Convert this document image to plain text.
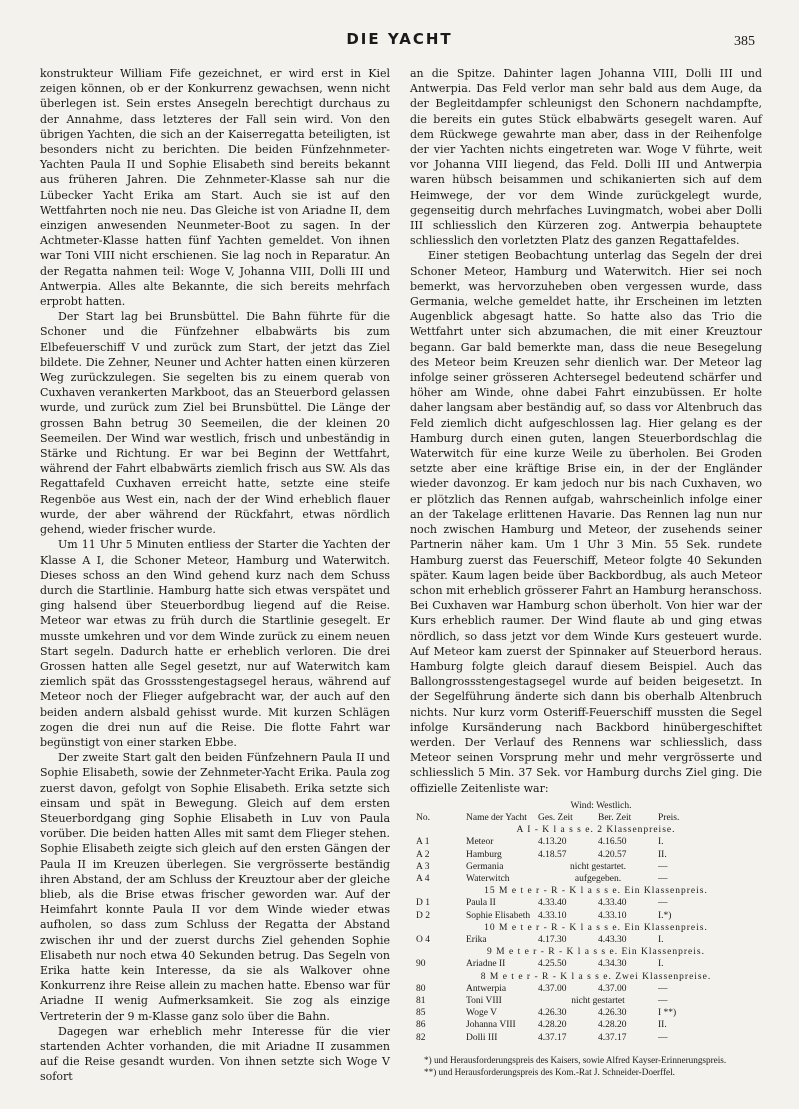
DIE YACHT	385

konstrukteur William Fife gezeichnet, er wird erst in Kiel zeigen können, ob er der Konkurrenz gewachsen, wenn nicht überlegen ist. Sein erstes Ansegeln berechtigt durchaus zu der Annahme, dass letzteres der Fall sein wird. Von den übrigen Yachten, die sich an der Kaiserregatta beteiligten, ist besonders nicht zu berichten. Die beiden Fünfzehnmeter-Yachten Paula II und Sophie Elisabeth sind bereits bekannt aus früheren Jahren. Die Zehnmeter-Klasse sah nur die Lübecker Yacht Erika am Start. Auch sie ist auf den Wettfahrten noch nie neu. Das Gleiche ist von Ariadne II, dem einzigen anwesenden Neunmeter-Boot zu sagen. In der Achtmeter-Klasse hatten fünf Yachten gemeldet. Von ihnen war Toni VIII nicht erschienen. Sie lag noch in Reparatur. An der Regatta nahmen teil: Woge V, Johanna VIII, Dolli III und Antwerpia. Alles alte Bekannte, die sich bereits mehrfach erprobt hatten.

Der Start lag bei Brunsbüttel. Die Bahn führte für die Schoner und die Fünfzehner elbabwärts bis zum Elbefeuerschiff V und zurück zum Start, der jetzt das Ziel bildete. Die Zehner, Neuner und Achter hatten einen kürzeren Weg zurückzulegen. Sie segelten bis zu einem querab von Cuxhaven verankerten Markboot, das an Steuerbord gelassen wurde, und zurück zum Ziel bei Brunsbüttel. Die Länge der grossen Bahn betrug 30 Seemeilen, die der kleinen 20 Seemeilen. Der Wind war westlich, frisch und unbeständig in Stärke und Richtung. Er war bei Beginn der Wettfahrt, während der Fahrt elbabwärts ziemlich frisch aus SW. Als das Regattafeld Cuxhaven erreicht hatte, setzte eine steife Regenböe aus West ein, nach der der Wind erheblich flauer wurde, der aber während der Rückfahrt, etwas nördlich gehend, wieder frischer wurde.

Um 11 Uhr 5 Minuten entliess der Starter die Yachten der Klasse A I, die Schoner Meteor, Hamburg und Waterwitch. Dieses schoss an den Wind gehend kurz nach dem Schuss durch die Startlinie. Hamburg hatte sich etwas verspätet und ging halsend über Steuerbordbug liegend auf die Reise. Meteor war etwas zu früh durch die Startlinie gesegelt. Er musste umkehren und vor dem Winde zurück zu einem neuen Start segeln. Dadurch hatte er erheblich verloren. Die drei Grossen hatten alle Segel gesetzt, nur auf Waterwitch kam ziemlich spät das Grossstengestagsegel heraus, während auf Meteor noch der Flieger aufgebracht war, der auch auf den beiden andern alsbald gehisst wurde. Mit kurzen Schlägen zogen die drei nun auf die Reise. Die flotte Fahrt war begünstigt von einer starken Ebbe.

Der zweite Start galt den beiden Fünfzehnern Paula II und Sophie Elisabeth, sowie der Zehnmeter-Yacht Erika. Paula zog zuerst davon, gefolgt von Sophie Elisabeth. Erika setzte sich einsam und spät in Bewegung. Gleich auf dem ersten Steuerbordgang ging Sophie Elisabeth in Luv von Paula vorüber. Die beiden hatten Alles mit samt dem Flieger stehen. Sophie Elisabeth zeigte sich gleich auf den ersten Gängen der Paula II im Kreuzen überlegen. Sie vergrösserte beständig ihren Abstand, der am Schluss der Kreuztour aber der gleiche blieb, als die Brise etwas frischer geworden war. Auf der Heimfahrt konnte Paula II vor dem Winde wieder etwas aufholen, so dass zum Schluss der Regatta der Abstand zwischen ihr und der zuerst durchs Ziel gehenden Sophie Elisabeth nur noch etwa 40 Sekunden betrug. Das Segeln von Erika hatte kein Interesse, da sie als Walkover ohne Konkurrenz ihre Reise allein zu machen hatte. Ebenso war für Ariadne II wenig Aufmerksamkeit. Sie zog als einzige Vertreterin der 9 m-Klasse ganz solo über die Bahn.

Dagegen war erheblich mehr Interesse für die vier startenden Achter vorhanden, die mit Ariadne II zusammen auf die Reise gesandt wurden. Von ihnen setzte sich Woge V sofort

an die Spitze. Dahinter lagen Johanna VIII, Dolli III und Antwerpia. Das Feld verlor man sehr bald aus dem Auge, da der Begleitdampfer schleunigst den Schonern nachdampfte, die bereits ein gutes Stück elbabwärts gesegelt waren. Auf dem Rückwege gewahrte man aber, dass in der Reihenfolge der vier Yachten nichts eingetreten war. Woge V führte, weit vor Johanna VIII liegend, das Feld. Dolli III und Antwerpia waren hübsch beisammen und schikanierten sich auf dem Heimwege, der vor dem Winde zurückgelegt wurde, gegenseitig durch mehrfaches Luvingmatch, wobei aber Dolli III schliesslich den Kürzeren zog. Antwerpia behauptete schliesslich den vorletzten Platz des ganzen Regattafeldes.

Einer stetigen Beobachtung unterlag das Segeln der drei Schoner Meteor, Hamburg und Waterwitch. Hier sei noch bemerkt, was hervorzuheben oben vergessen wurde, dass Germania, welche gemeldet hatte, ihr Erscheinen im letzten Augenblick abgesagt hatte. So hatte also das Trio die Wettfahrt unter sich abzumachen, die mit einer Kreuztour begann. Gar bald bemerkte man, dass die neue Besegelung des Meteor beim Kreuzen sehr dienlich war. Der Meteor lag infolge seiner grösseren Achtersegel bedeutend schärfer und höher am Winde, ohne dabei Fahrt einzubüssen. Er holte daher langsam aber beständig auf, so dass vor Altenbruch das Feld ziemlich dicht aufgeschlossen lag. Hier gelang es der Hamburg durch einen guten, langen Steuerbordschlag die Waterwitch für eine kurze Weile zu überholen. Bei Groden setzte aber eine kräftige Brise ein, in der der Engländer wieder davonzog. Er kam jedoch nur bis nach Cuxhaven, wo er plötzlich das Rennen aufgab, wahrscheinlich infolge einer an der Takelage erlittenen Havarie. Das Rennen lag nun nur noch zwischen Hamburg und Meteor, der zusehends seiner Partnerin näher kam. Um 1 Uhr 3 Min. 55 Sek. rundete Hamburg zuerst das Feuerschiff, Meteor folgte 40 Sekunden später. Kaum lagen beide über Backbordbug, als auch Meteor schon mit erheblich grösserer Fahrt an Hamburg heranschoss. Bei Cuxhaven war Hamburg schon überholt. Von hier war der Kurs erheblich raumer. Der Wind flaute ab und ging etwas nördlich, so dass jetzt vor dem Winde Kurs gesteuert wurde. Auf Meteor kam zuerst der Spinnaker auf Steuerbord heraus. Hamburg folgte gleich darauf diesem Beispiel. Auch das Ballongrossstengestagsegel wurde auf beiden beigesetzt. In der Segelführung änderte sich dann bis oberhalb Altenbruch nichts. Nur kurz vorm Osteriff-Feuerschiff mussten die Segel infolge Kursänderung nach Backbord hinübergeschiftet werden. Der Verlauf des Rennens war schliesslich, dass Meteor seinen Vorsprung mehr und mehr vergrösserte und schliesslich 5 Min. 37 Sek. vor Hamburg durchs Ziel ging. Die offizielle Zeitenliste war:

Wind: Westlich.
No.	Name der Yacht	Ges. Zeit	Ber. Zeit	Preis.
A I - K l a s s e. 2 Klassenpreise.
A 1	Meteor	4.13.20	4.16.50	I.
A 2	Hamburg	4.18.57	4.20.57	II.
A 3	Germania	nicht gestartet.	—
A 4	Waterwitch	aufgegeben.	—
15 M e t e r - R - K l a s s e. Ein Klassenpreis.
D 1	Paula II	4.33.40	4.33.40	—
D 2	Sophie Elisabeth 4.33.10	4.33.10	I.*)
10 M e t e r - R - K l a s s e. Ein Klassenpreis.
O 4	Erika	4.17.30	4.43.30	I.
9 M e t e r - R - K l a s s e. Ein Klassenpreis.
90	Ariadne II	4.25.50	4.34.30	I.
8 M e t e r - R - K l a s s e. Zwei Klassenpreise.
80	Antwerpia	4.37.00	4.37.00	—
81	Toni VIII	nicht gestartet	—
85	Woge V	4.26.30	4.26.30	I **)
86	Johanna VIII	4.28.20	4.28.20	II.
82	Dolli III	4.37.17	4.37.17	—

*) und Herausforderungspreis des Kaisers, sowie Alfred Kayser-Erinnerungspreis.

**) und Herausforderungspreis des Kom.-Rat J. Schneider-Doerffel.
